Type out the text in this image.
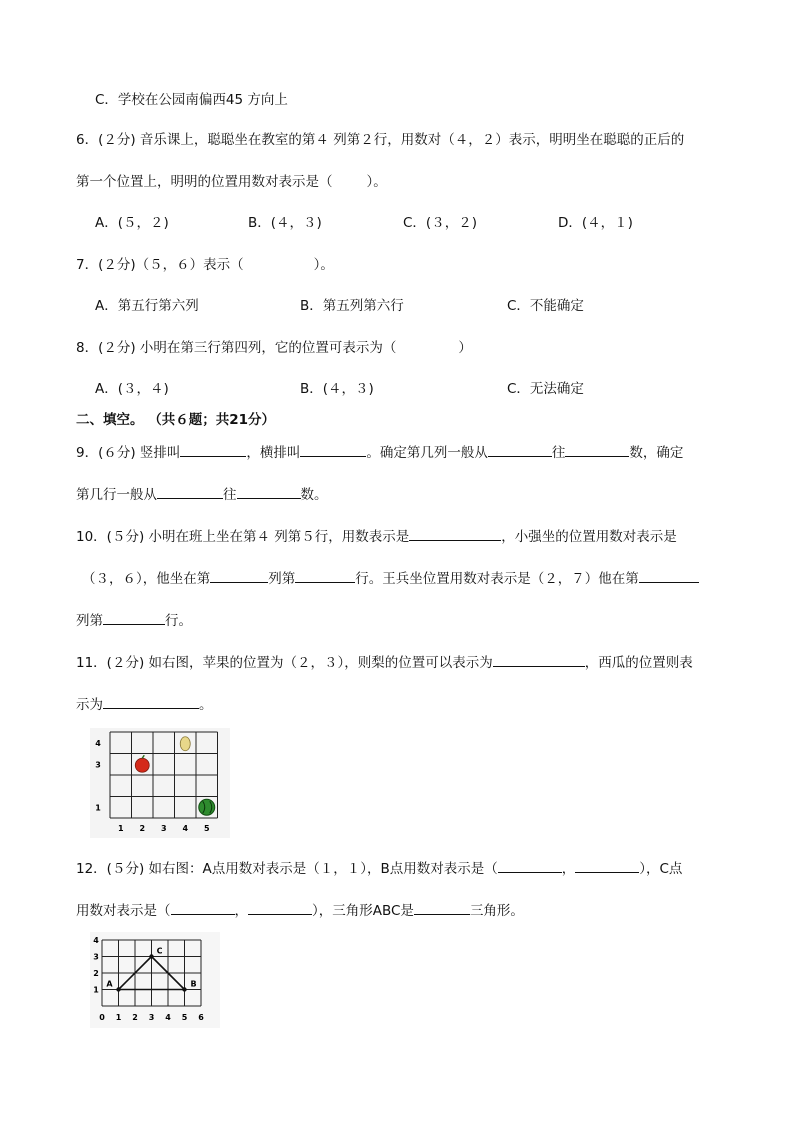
C．学校在公园南偏西45 方向上
6．(２分) 音乐课上，聪聪坐在教室的第４ 列第２行，用数对（４，２）表示，明明坐在聪聪的正后的
第一个位置上，明明的位置用数对表示是（	）。
A．(５，２)	B．(４，３)	C．(３，２)	D．(４，１)
7．(２分)（５，６）表示（	）。
A．第五行第六列	B．第五列第六行	C．不能确定
8．(２分) 小明在第三行第四列，它的位置可表示为（	）
A．(３，４)	B．(４，３)	C．无法确定
二、填空。 （共６题；共21分）
9．(６分) 竖排叫	，横排叫	。确定第几列一般从	往	数，确定
第几行一般从	往	数。
10．(５分) 小明在班上坐在第４ 列第５行，用数表示是	，小强坐的位置用数对表示是
（３，６），他坐在第	列第	行。王兵坐位置用数对表示是（２，７）他在第
列第	行。
11．(２分) 如右图，苹果的位置为（２，３），则梨的位置可以表示为	，西瓜的位置则表
示为	。
1 2 3 4 5
1
3
4
12．(５分) 如右图：A点用数对表示是（１，１），B点用数对表示是（	，	），C点
用数对表示是（	，	），三角形ABC是	三角形。
0 1 2 3 4 5 6
1
2
3
4
A
C
B
